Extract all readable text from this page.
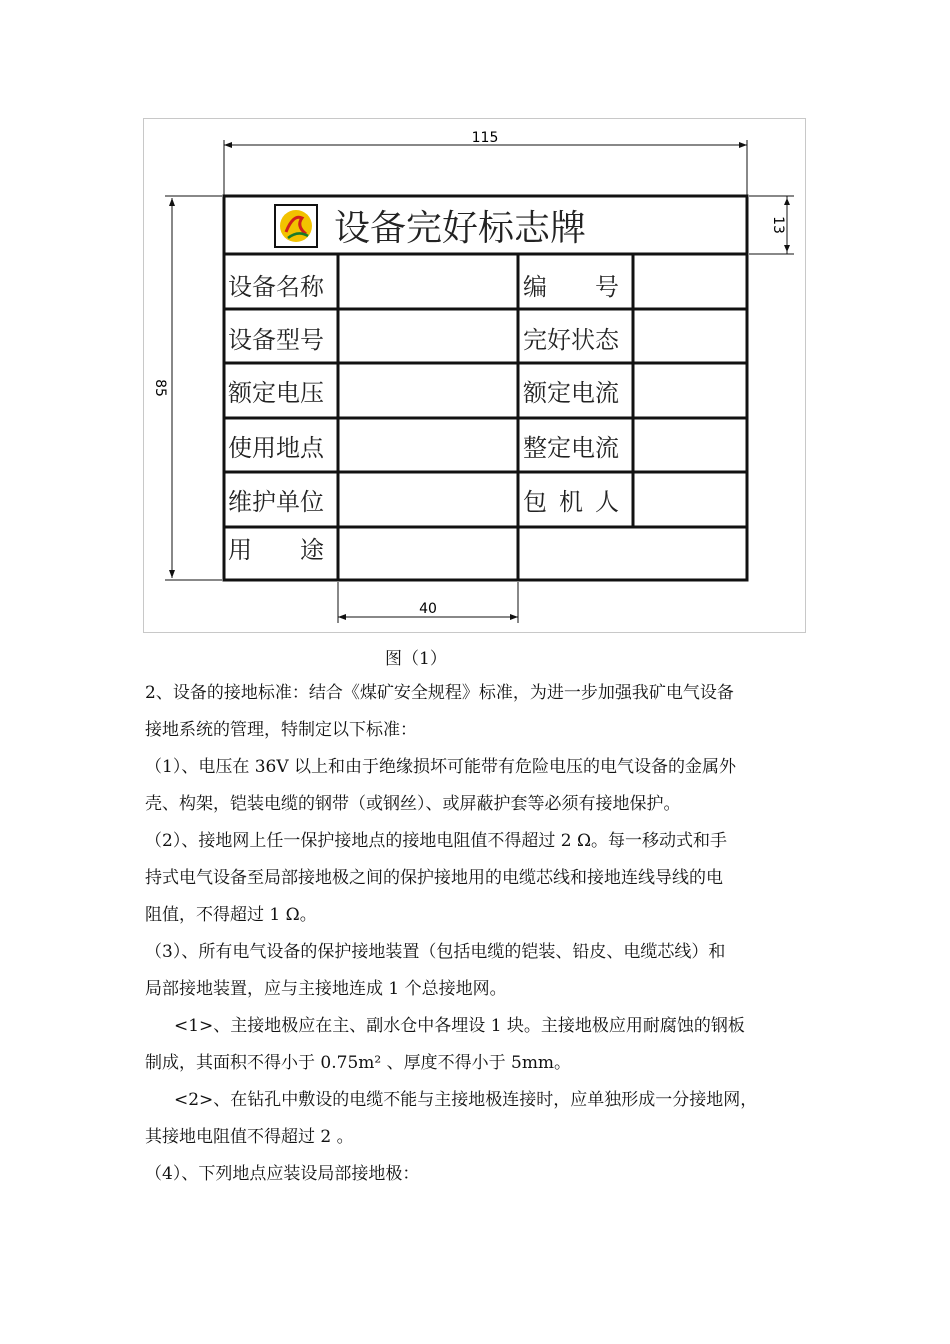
115
85
13
40
设备完好标志牌
设备名称	编　　号
设备型号	完好状态
额定电压	额定电流
使用地点	整定电流
维护单位	包 机 人
用　　途
图（1）

2、设备的接地标准：结合《煤矿安全规程》标准，为进一步加强我矿电气设备

接地系统的管理，特制定以下标准：

（1）、电压在 36V 以上和由于绝缘损坏可能带有危险电压的电气设备的金属外

壳、构架，铠装电缆的钢带（或钢丝）、或屏蔽护套等必须有接地保护。

（2）、接地网上任一保护接地点的接地电阻值不得超过 2 Ω。每一移动式和手

持式电气设备至局部接地极之间的保护接地用的电缆芯线和接地连线导线的电

阻值，不得超过 1 Ω。

（3）、所有电气设备的保护接地装置（包括电缆的铠装、铅皮、电缆芯线）和

局部接地装置，应与主接地连成 1 个总接地网。

<1>、主接地极应在主、副水仓中各埋设 1 块。主接地极应用耐腐蚀的钢板

制成，其面积不得小于 0.75m² 、厚度不得小于 5mm。

<2>、在钻孔中敷设的电缆不能与主接地极连接时，应单独形成一分接地网，

其接地电阻值不得超过 2 。

（4）、下列地点应装设局部接地极：
